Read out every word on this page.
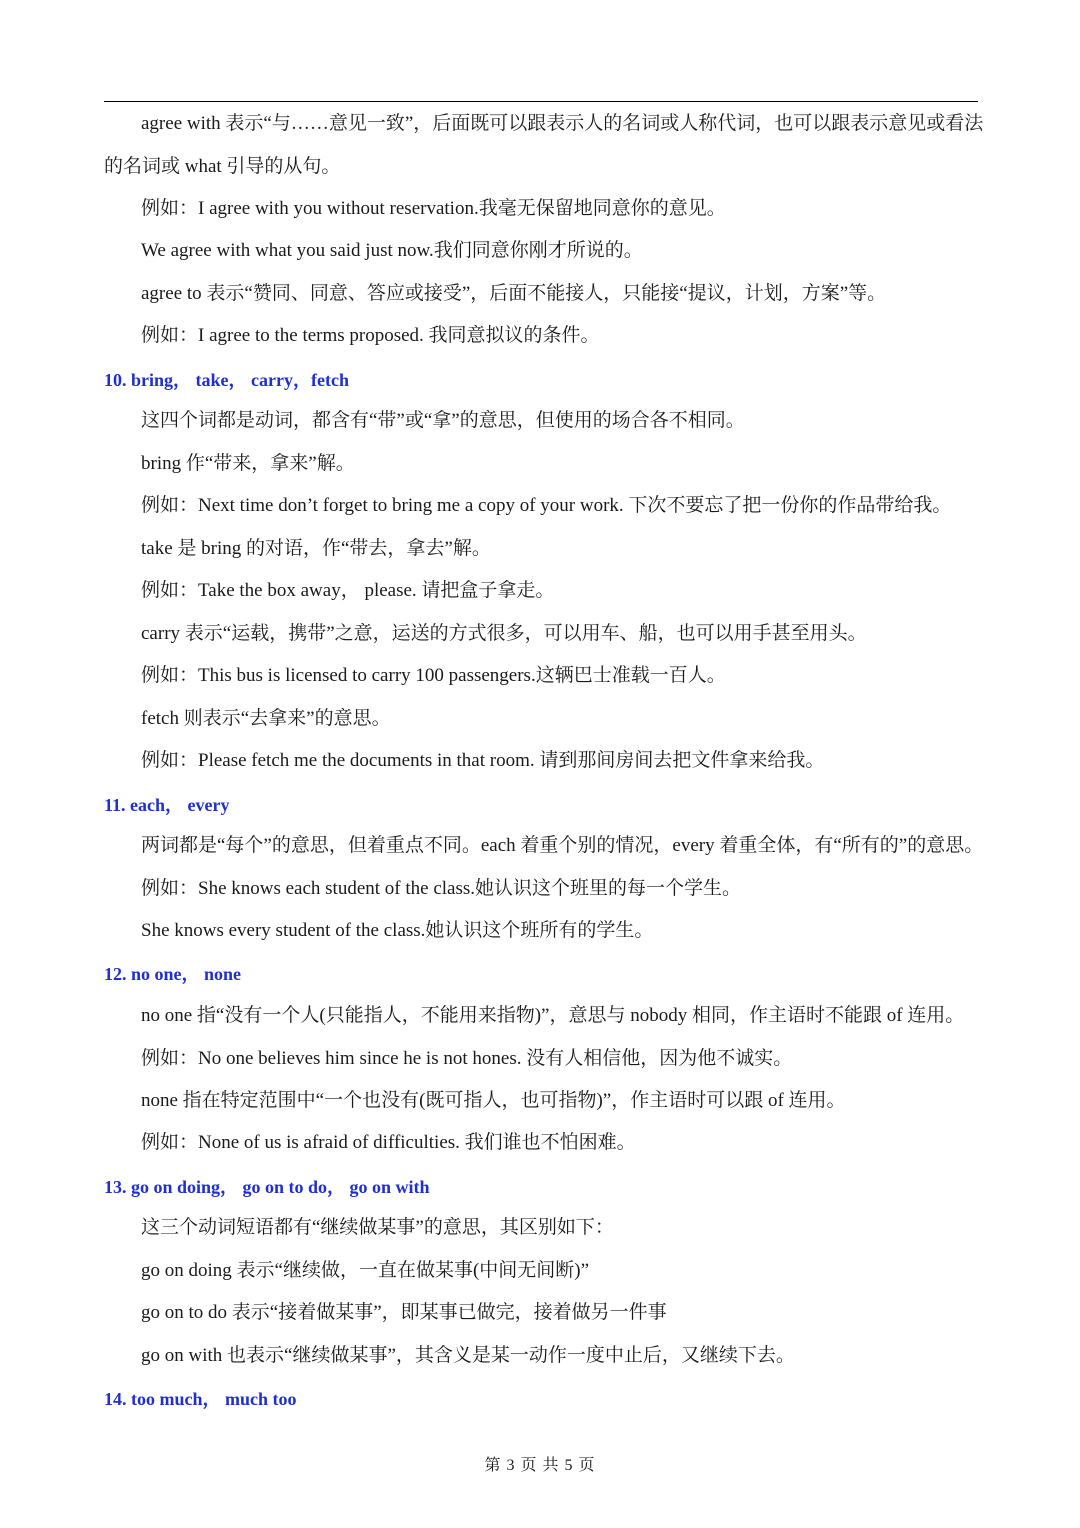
agree with 表示“与……意见一致”，后面既可以跟表示人的名词或人称代词，也可以跟表示意见或看法
的名词或 what 引导的从句。
例如：I agree with you without reservation.我毫无保留地同意你的意见。
We agree with what you said just now.我们同意你刚才所说的。
agree to 表示“赞同、同意、答应或接受”，后面不能接人，只能接“提议，计划，方案”等。
例如：I agree to the terms proposed. 我同意拟议的条件。
10. bring， take， carry，fetch
这四个词都是动词，都含有“带”或“拿”的意思，但使用的场合各不相同。
bring 作“带来，拿来”解。
例如：Next time don’t forget to bring me a copy of your work. 下次不要忘了把一份你的作品带给我。
take 是 bring 的对语，作“带去，拿去”解。
例如：Take the box away， please. 请把盒子拿走。
carry 表示“运载，携带”之意，运送的方式很多，可以用车、船，也可以用手甚至用头。
例如：This bus is licensed to carry 100 passengers.这辆巴士准载一百人。
fetch 则表示“去拿来”的意思。
例如：Please fetch me the documents in that room. 请到那间房间去把文件拿来给我。
11. each， every
两词都是“每个”的意思，但着重点不同。each 着重个别的情况，every 着重全体，有“所有的”的意思。
例如：She knows each student of the class.她认识这个班里的每一个学生。
She knows every student of the class.她认识这个班所有的学生。
12. no one， none
no one 指“没有一个人(只能指人，不能用来指物)”，意思与 nobody 相同，作主语时不能跟 of 连用。
例如：No one believes him since he is not hones. 没有人相信他，因为他不诚实。
none 指在特定范围中“一个也没有(既可指人，也可指物)”，作主语时可以跟 of 连用。
例如：None of us is afraid of difficulties. 我们谁也不怕困难。
13. go on doing， go on to do， go on with
这三个动词短语都有“继续做某事”的意思，其区别如下：
go on doing 表示“继续做，一直在做某事(中间无间断)”
go on to do 表示“接着做某事”，即某事已做完，接着做另一件事
go on with 也表示“继续做某事”，其含义是某一动作一度中止后，又继续下去。
14. too much， much too
第 3 页 共 5 页
